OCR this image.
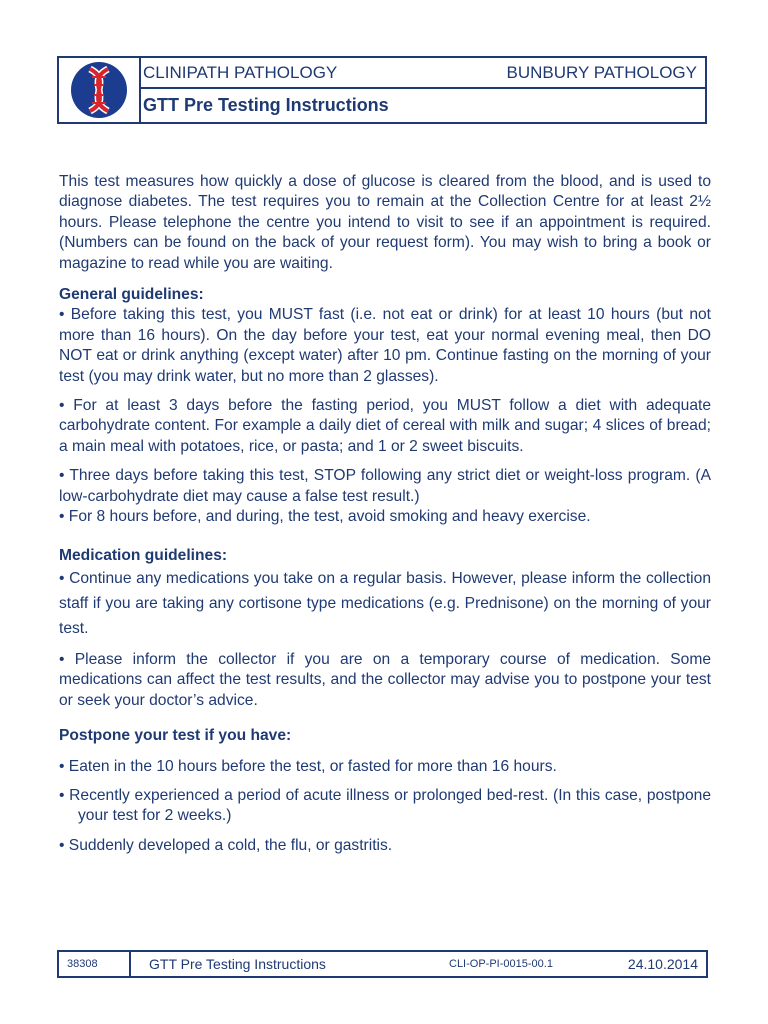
CLINIPATH PATHOLOGY	BUNBURY PATHOLOGY
GTT Pre Testing Instructions

This test measures how quickly a dose of glucose is cleared from the blood, and is used to diagnose diabetes. The test requires you to remain at the Collection Centre for at least 2½ hours. Please telephone the centre you intend to visit to see if an appointment is required. (Numbers can be found on the back of your request form). You may wish to bring a book or magazine to read while you are waiting.

General guidelines:

• Before taking this test, you MUST fast (i.e. not eat or drink) for at least 10 hours (but not more than 16 hours). On the day before your test, eat your normal evening meal, then DO NOT eat or drink anything (except water) after 10 pm. Continue fasting on the morning of your test (you may drink water, but no more than 2 glasses).

• For at least 3 days before the fasting period, you MUST follow a diet with adequate carbohydrate content. For example a daily diet of cereal with milk and sugar; 4 slices of bread; a main meal with potatoes, rice, or pasta; and 1 or 2 sweet biscuits.

• Three days before taking this test, STOP following any strict diet or weight-loss program. (A low-carbohydrate diet may cause a false test result.)

• For 8 hours before, and during, the test, avoid smoking and heavy exercise.

Medication guidelines:

• Continue any medications you take on a regular basis. However, please inform the collection staff if you are taking any cortisone type medications (e.g. Prednisone) on the morning of your test.

• Please inform the collector if you are on a temporary course of medication. Some medications can affect the test results, and the collector may advise you to postpone your test or seek your doctor’s advice.

Postpone your test if you have:

• Eaten in the 10 hours before the test, or fasted for more than 16 hours.

• Recently experienced a period of acute illness or prolonged bed-rest. (In this case, postpone your test for 2 weeks.)

• Suddenly developed a cold, the flu, or gastritis.

38308	GTT Pre Testing Instructions	CLI-OP-PI-0015-00.1	24.10.2014
